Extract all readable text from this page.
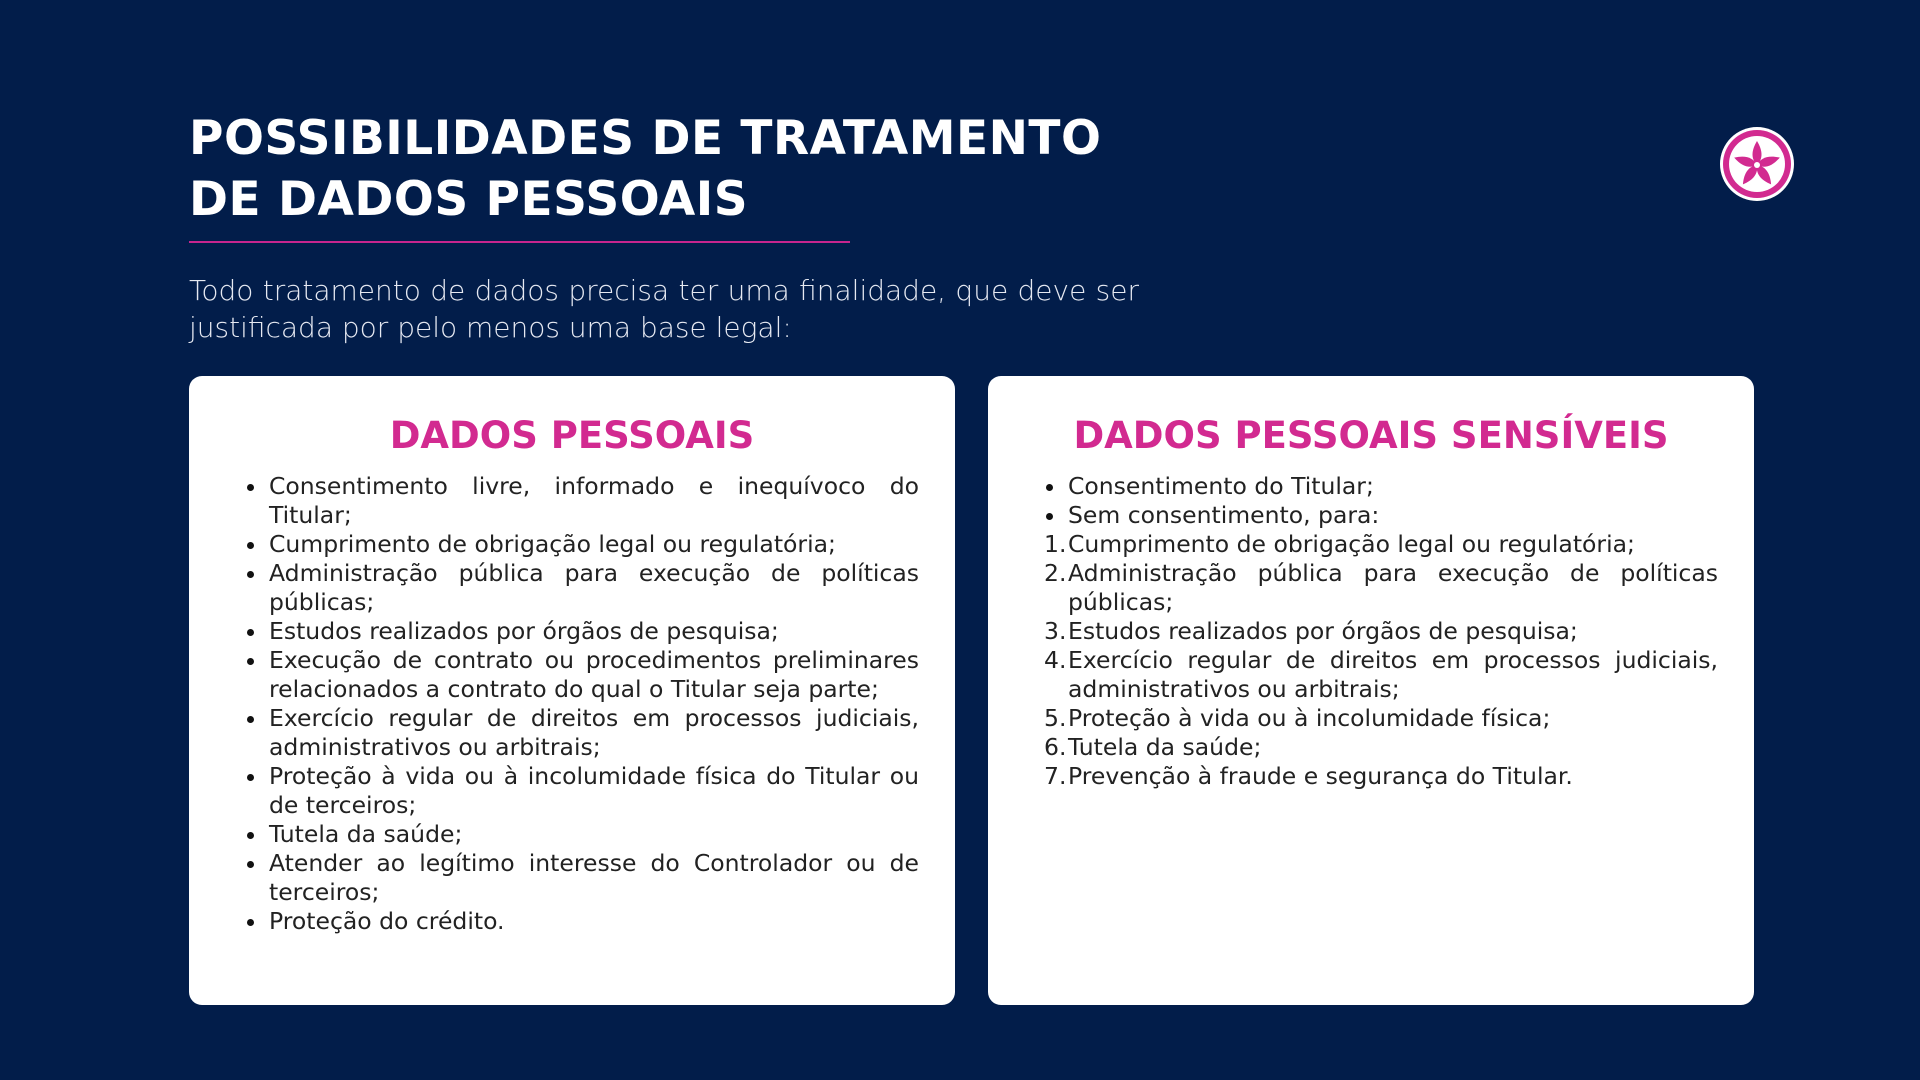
POSSIBILIDADES DE TRATAMENTO
DE DADOS PESSOAIS

Todo tratamento de dados precisa ter uma finalidade, que deve ser justificada por pelo menos uma base legal:

DADOS PESSOAIS
Consentimento livre, informado e inequívoco do Titular;
Cumprimento de obrigação legal ou regulatória;
Administração pública para execução de políticas públicas;
Estudos realizados por órgãos de pesquisa;
Execução de contrato ou procedimentos preliminares relacionados a contrato do qual o Titular seja parte;
Exercício regular de direitos em processos judiciais, administrativos ou arbitrais;
Proteção à vida ou à incolumidade física do Titular ou de terceiros;
Tutela da saúde;
Atender ao legítimo interesse do Controlador ou de terceiros;
Proteção do crédito.
DADOS PESSOAIS SENSÍVEIS
Consentimento do Titular;
Sem consentimento, para:
1. Cumprimento de obrigação legal ou regulatória;
2. Administração pública para execução de políticas públicas;
3. Estudos realizados por órgãos de pesquisa;
4. Exercício regular de direitos em processos judiciais, administrativos ou arbitrais;
5. Proteção à vida ou à incolumidade física;
6. Tutela da saúde;
7. Prevenção à fraude e segurança do Titular.
